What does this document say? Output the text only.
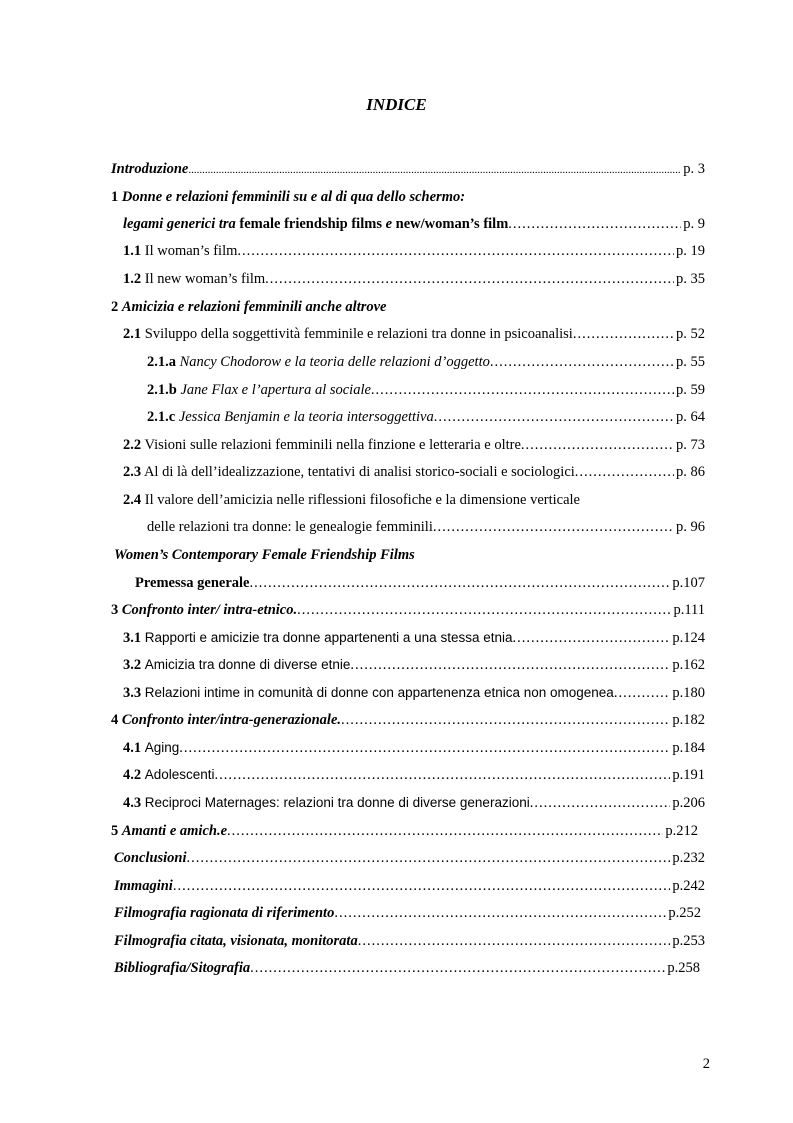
INDICE
Introduzione .....	p. 3
1 Donne e relazioni femminili su e al di qua dello schermo:
legami generici tra female friendship films e new/woman’s film .....	p. 9
1.1 Il woman’s film .....	p. 19
1.2 Il new woman’s film .....	p. 35
2 Amicizia e relazioni femminili anche altrove
2.1 Sviluppo della soggettività femminile e relazioni tra donne in psicoanalisi .....	p. 52
2.1.a Nancy Chodorow e la teoria delle relazioni d’oggetto .....	p. 55
2.1.b Jane Flax e l’apertura al sociale .....	p. 59
2.1.c Jessica Benjamin e la teoria intersoggettiva .....	p. 64
2.2 Visioni sulle relazioni femminili nella finzione e letteraria e oltre .....	p. 73
2.3 Al di là dell’idealizzazione, tentativi di analisi storico-sociali e sociologici .....	p. 86
2.4 Il valore dell’amicizia nelle riflessioni filosofiche e la dimensione verticale
delle relazioni tra donne: le genealogie femminili .....	p. 96
Women’s Contemporary Female Friendship Films
Premessa generale .....	p.107
3 Confronto inter/ intra-etnico. .....	p.111
3.1 Rapporti e amicizie tra donne appartenenti a una stessa etnia .....	p.124
3.2 Amicizia tra donne di diverse etnie .....	p.162
3.3 Relazioni intime in comunità di donne con appartenenza etnica non omogenea .....	p.180
4 Confronto inter/intra-generazionale. .....	p.182
4.1 Aging .....	p.184
4.2 Adolescenti .....	p.191
4.3 Reciproci Maternages: relazioni tra donne di diverse generazioni .....	p.206
5 Amanti e amich.e .....	p.212
Conclusioni .....	p.232
Immagini .....	p.242
Filmografia ragionata di riferimento .....	p.252
Filmografia citata, visionata, monitorata .....	p.253
Bibliografia/Sitografia .....	p.258
2
